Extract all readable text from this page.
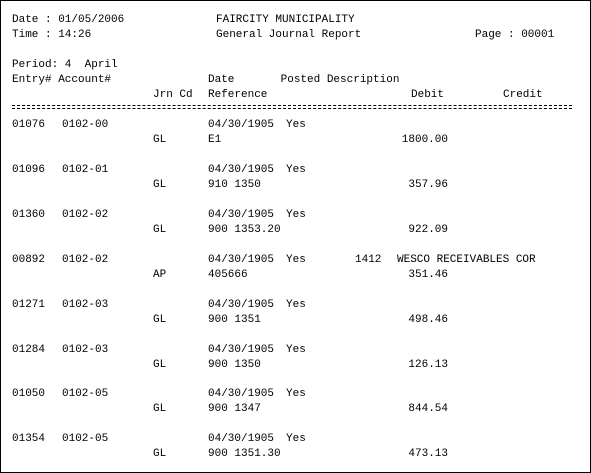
Date : 01/05/2006	FAIRCITY MUNICIPALITY
Time : 14:26	General Journal Report	Page : 00001
Period: 4  April
Entry# Account#	Date       Posted Description
Jrn Cd Reference	Debit	Credit
01076 0102-00	04/30/1905 Yes
GL	E1	1800.00
01096 0102-01	04/30/1905 Yes
GL	910 1350	357.96
01360 0102-02	04/30/1905 Yes
GL	900 1353.20	922.09
00892 0102-02	04/30/1905 Yes	1412 WESCO RECEIVABLES COR
AP	405666	351.46
01271 0102-03	04/30/1905 Yes
GL	900 1351	498.46
01284 0102-03	04/30/1905 Yes
GL	900 1350	126.13
01050 0102-05	04/30/1905 Yes
GL	900 1347	844.54
01354 0102-05	04/30/1905 Yes
GL	900 1351.30	473.13
